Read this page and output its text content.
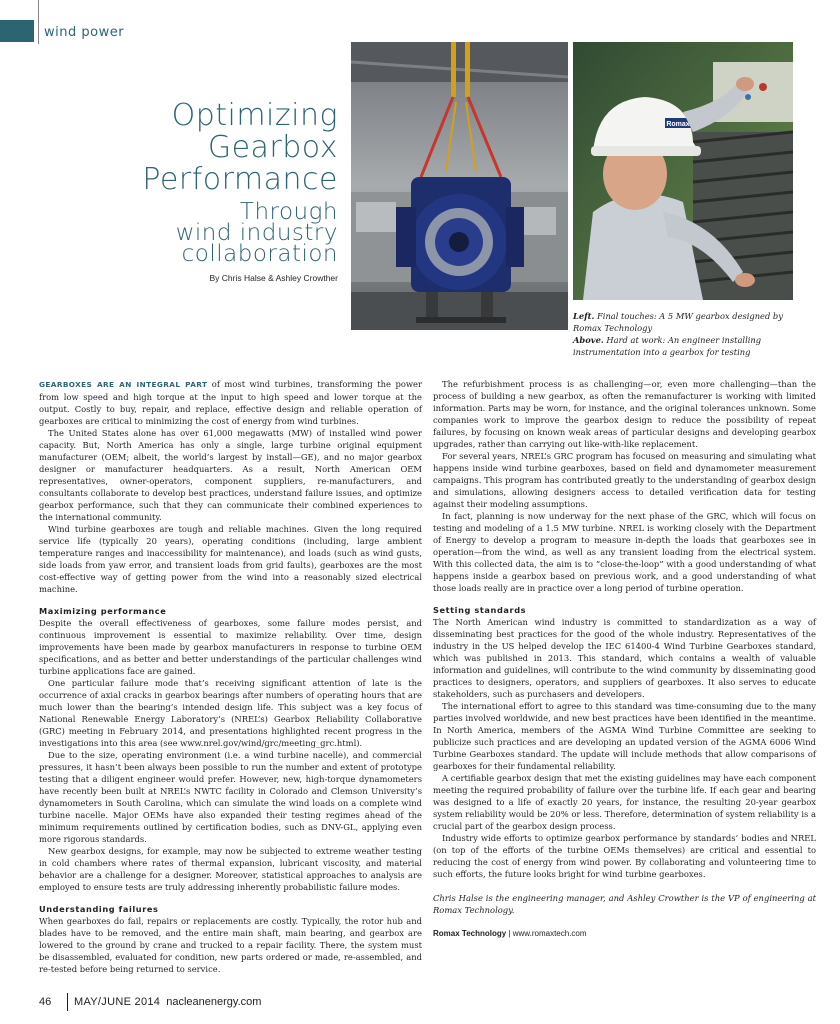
wind power
Optimizing
Gearbox
Performance
Through
wind industry
collaboration
By Chris Halse & Ashley Crowther
Romax
Left. Final touches: A 5 MW gearbox designed by Romax Technology
Above. Hard at work: An engineer installing instrumentation into a gearbox for testing

GEARBOXES ARE AN INTEGRAL PART of most wind turbines, transforming the power from low speed and high torque at the input to high speed and lower torque at the output. Costly to buy, repair, and replace, effective design and reliable operation of gearboxes are critical to minimizing the cost of energy from wind turbines.

The United States alone has over 61,000 megawatts (MW) of installed wind power capacity. But, North America has only a single, large turbine original equipment manufacturer (OEM; albeit, the world’s largest by install—GE), and no major gearbox designer or manufacturer headquarters. As a result, North American OEM representatives, owner-operators, component suppliers, re-manufacturers, and consultants collaborate to develop best practices, understand failure issues, and optimize gearbox performance, such that they can communicate their combined experiences to the international community.

Wind turbine gearboxes are tough and reliable machines. Given the long required service life (typically 20 years), operating conditions (including, large ambient temperature ranges and inaccessibility for maintenance), and loads (such as wind gusts, side loads from yaw error, and transient loads from grid faults), gearboxes are the most cost-effective way of getting power from the wind into a reasonably sized electrical machine.

Maximizing performance

Despite the overall effectiveness of gearboxes, some failure modes persist, and continuous improvement is essential to maximize reliability. Over time, design improvements have been made by gearbox manufacturers in response to turbine OEM specifications, and as better and better understandings of the particular challenges wind turbine applications face are gained.

One particular failure mode that’s receiving significant attention of late is the occurrence of axial cracks in gearbox bearings after numbers of operating hours that are much lower than the bearing’s intended design life. This subject was a key focus of National Renewable Energy Laboratory’s (NREL’s) Gearbox Reliability Collaborative (GRC) meeting in February 2014, and presentations highlighted recent progress in the investigations into this area (see www.nrel.gov/wind/grc/meeting_grc.html).

Due to the size, operating environment (i.e. a wind turbine nacelle), and commercial pressures, it hasn’t been always been possible to run the number and extent of prototype testing that a diligent engineer would prefer. However, new, high-torque dynamometers have recently been built at NREL’s NWTC facility in Colorado and Clemson University’s dynamometers in South Carolina, which can simulate the wind loads on a complete wind turbine nacelle. Major OEMs have also expanded their testing regimes ahead of the minimum requirements outlined by certification bodies, such as DNV-GL, applying even more rigorous standards.

New gearbox designs, for example, may now be subjected to extreme weather testing in cold chambers where rates of thermal expansion, lubricant viscosity, and material behavior are a challenge for a designer. Moreover, statistical approaches to analysis are employed to ensure tests are truly addressing inherently probabilistic failure modes.

Understanding failures

When gearboxes do fail, repairs or replacements are costly. Typically, the rotor hub and blades have to be removed, and the entire main shaft, main bearing, and gearbox are lowered to the ground by crane and trucked to a repair facility. There, the system must be disassembled, evaluated for condition, new parts ordered or made, re-assembled, and re-tested before being returned to service.

The refurbishment process is as challenging—or, even more challenging—than the process of building a new gearbox, as often the remanufacturer is working with limited information. Parts may be worn, for instance, and the original tolerances unknown. Some companies work to improve the gearbox design to reduce the possibility of repeat failures, by focusing on known weak areas of particular designs and developing gearbox upgrades, rather than carrying out like-with-like replacement.

For several years, NREL’s GRC program has focused on measuring and simulating what happens inside wind turbine gearboxes, based on field and dynamometer measurement campaigns. This program has contributed greatly to the understanding of gearbox design and simulations, allowing designers access to detailed verification data for testing against their modeling assumptions.

In fact, planning is now underway for the next phase of the GRC, which will focus on testing and modeling of a 1.5 MW turbine. NREL is working closely with the Department of Energy to develop a program to measure in-depth the loads that gearboxes see in operation—from the wind, as well as any transient loading from the electrical system. With this collected data, the aim is to “close-the-loop” with a good understanding of what happens inside a gearbox based on previous work, and a good understanding of what those loads really are in practice over a long period of turbine operation.

Setting standards

The North American wind industry is committed to standardization as a way of disseminating best practices for the good of the whole industry. Representatives of the industry in the US helped develop the IEC 61400-4 Wind Turbine Gearboxes standard, which was published in 2013. This standard, which contains a wealth of valuable information and guidelines, will contribute to the wind community by disseminating good practices to designers, operators, and suppliers of gearboxes. It also serves to educate stakeholders, such as purchasers and developers.

The international effort to agree to this standard was time-consuming due to the many parties involved worldwide, and new best practices have been identified in the meantime. In North America, members of the AGMA Wind Turbine Committee are seeking to publicize such practices and are developing an updated version of the AGMA 6006 Wind Turbine Gearboxes standard. The update will include methods that allow comparisons of gearboxes for their fundamental reliability.

A certifiable gearbox design that met the existing guidelines may have each component meeting the required probability of failure over the turbine life. If each gear and bearing was designed to a life of exactly 20 years, for instance, the resulting 20-year gearbox system reliability would be 20% or less. Therefore, determination of system reliability is a crucial part of the gearbox design process.

Industry wide efforts to optimize gearbox performance by standards’ bodies and NREL (on top of the efforts of the turbine OEMs themselves) are critical and essential to reducing the cost of energy from wind power. By collaborating and volunteering time to such efforts, the future looks bright for wind turbine gearboxes.

Chris Halse is the engineering manager, and Ashley Crowther is the VP of engineering at Romax Technology.

Romax Technology | www.romaxtech.com
46	MAY/JUNE 2014 nacleanenergy.com
